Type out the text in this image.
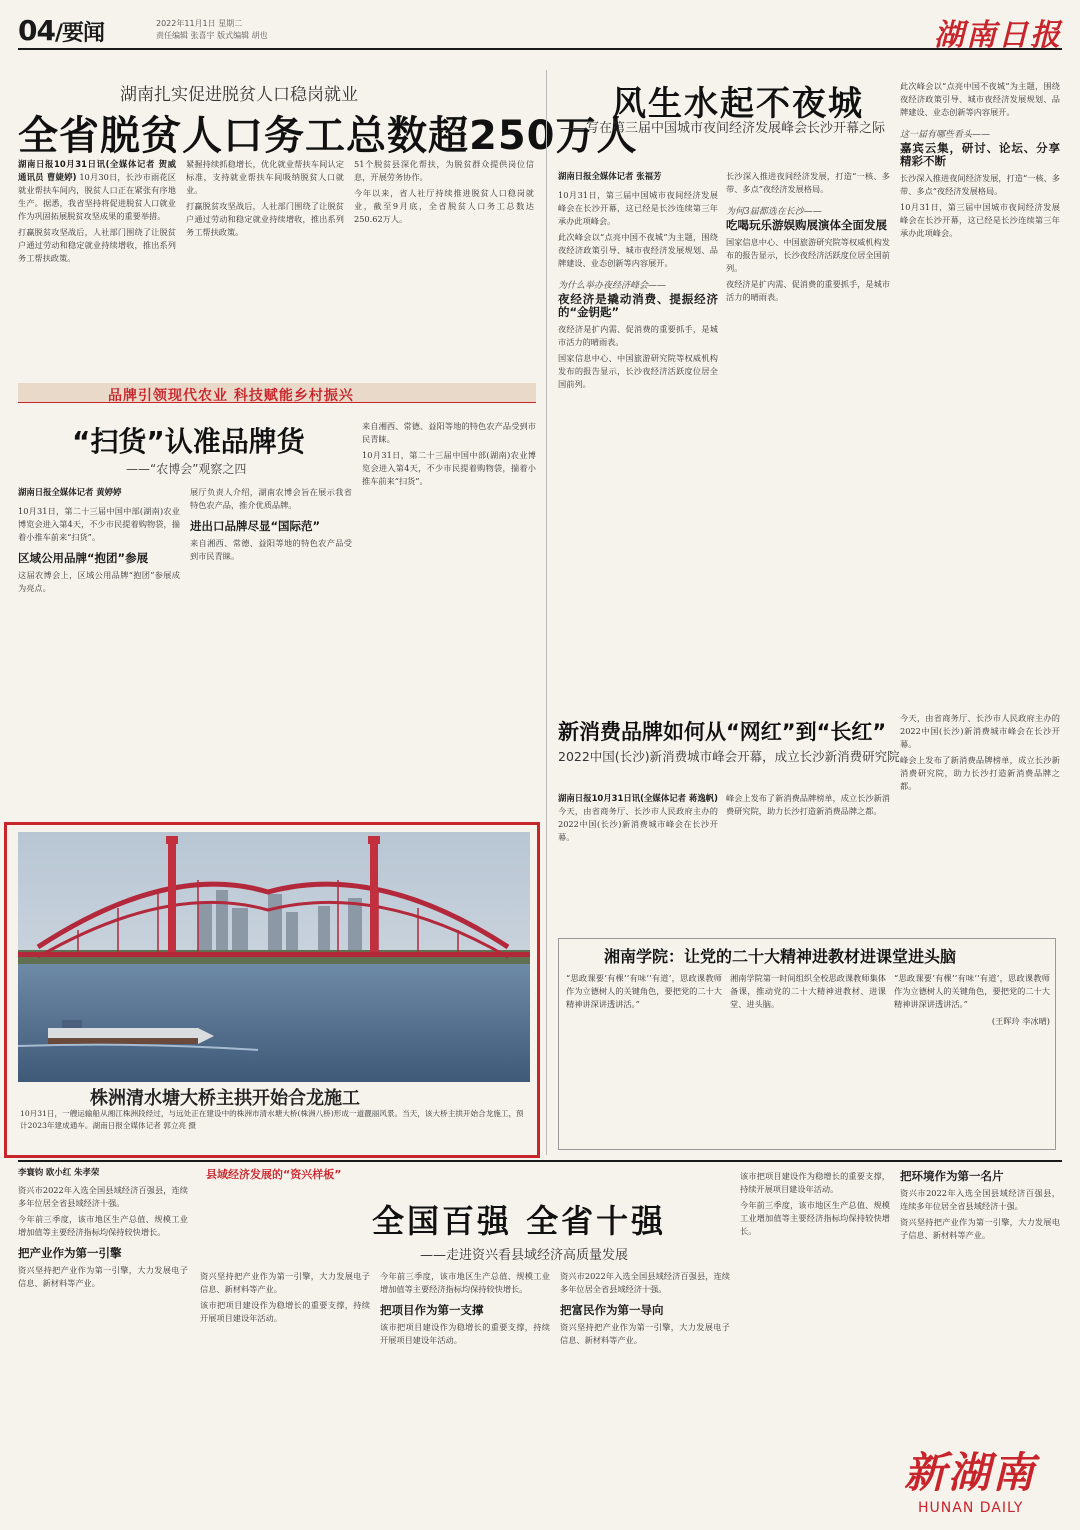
04/要闻	2022年11月1日 星期二
责任编辑 张喜宇 版式编辑 胡也	湖南日报
湖南扎实促进脱贫人口稳岗就业
全省脱贫人口务工总数超250万人
湖南日报10月31日讯(全媒体记者 贺威 通讯员 曹婕婷) 10月30日，长沙市雨花区就业帮扶车间内，脱贫人口正在紧张有序地生产。据悉，我省坚持将促进脱贫人口就业作为巩固拓展脱贫攻坚成果的重要举措。

打赢脱贫攻坚战后，人社部门围绕了让脱贫户通过劳动和稳定就业持续增收，推出系列务工帮扶政策。

紧握持续抓稳增长，优化就业帮扶车间认定标准，支持就业帮扶车间吸纳脱贫人口就业。

打赢脱贫攻坚战后，人社部门围绕了让脱贫户通过劳动和稳定就业持续增收，推出系列务工帮扶政策。

51个脱贫县深化帮扶，为脱贫群众提供岗位信息，开展劳务协作。

今年以来，省人社厅持续推进脱贫人口稳岗就业，截至9月底，全省脱贫人口务工总数达250.62万人。

风生水起不夜城
——写在第三届中国城市夜间经济发展峰会长沙开幕之际
湖南日报全媒体记者 张福芳

10月31日，第三届中国城市夜间经济发展峰会在长沙开幕，这已经是长沙连续第三年承办此项峰会。

此次峰会以“点亮中国不夜城”为主题，围绕夜经济政策引导、城市夜经济发展规划、品牌建设、业态创新等内容展开。

为什么举办夜经济峰会——
夜经济是撬动消费、提振经济的“金钥匙”

夜经济是扩内需、促消费的重要抓手，是城市活力的晴雨表。

国家信息中心、中国旅游研究院等权威机构发布的报告显示，长沙夜经济活跃度位居全国前列。

长沙深入推进夜间经济发展，打造“一核、多带、多点”夜经济发展格局。

为何3届都选在长沙——
吃喝玩乐游娱购展演体全面发展

国家信息中心、中国旅游研究院等权威机构发布的报告显示，长沙夜经济活跃度位居全国前列。

夜经济是扩内需、促消费的重要抓手，是城市活力的晴雨表。

此次峰会以“点亮中国不夜城”为主题，围绕夜经济政策引导、城市夜经济发展规划、品牌建设、业态创新等内容展开。

这一届有哪些看头——
嘉宾云集，研讨、论坛、分享精彩不断

长沙深入推进夜间经济发展，打造“一核、多带、多点”夜经济发展格局。

10月31日，第三届中国城市夜间经济发展峰会在长沙开幕，这已经是长沙连续第三年承办此项峰会。

品牌引领现代农业 科技赋能乡村振兴
“扫货”认准品牌货
——“农博会”观察之四
湖南日报全媒体记者 黄婷婷

10月31日，第二十三届中国中部(湖南)农业博览会进入第4天，不少市民提着购物袋，揣着小推车前来“扫货”。

区域公用品牌“抱团”参展

这届农博会上，区域公用品牌“抱团”参展成为亮点。

展厅负责人介绍，湖南农博会旨在展示我省特色农产品，推介优质品牌。

进出口品牌尽显“国际范”

来自湘西、常德、益阳等地的特色农产品受到市民青睐。

来自湘西、常德、益阳等地的特色农产品受到市民青睐。

10月31日，第二十三届中国中部(湖南)农业博览会进入第4天，不少市民提着购物袋，揣着小推车前来“扫货”。

株洲清水塘大桥主拱开始合龙施工
10月31日，一艘运输船从湘江株洲段经过，与远处正在建设中的株洲市清水塘大桥(株洲八桥)形成一道靓丽风景。当天，该大桥主拱开始合龙施工，预计2023年建成通车。湖南日报全媒体记者 郭立亮 摄
新消费品牌如何从“网红”到“长红”
2022中国(长沙)新消费城市峰会开幕，成立长沙新消费研究院
湖南日报10月31日讯(全媒体记者 蒋逸帆) 今天，由省商务厅、长沙市人民政府主办的2022中国(长沙)新消费城市峰会在长沙开幕。

峰会上发布了新消费品牌榜单，成立长沙新消费研究院，助力长沙打造新消费品牌之都。

今天，由省商务厅、长沙市人民政府主办的2022中国(长沙)新消费城市峰会在长沙开幕。

峰会上发布了新消费品牌榜单，成立长沙新消费研究院，助力长沙打造新消费品牌之都。

湘南学院：让党的二十大精神进教材进课堂进头脑

“思政课要‘有棵’‘有味’‘有道’，思政课教师作为立德树人的关键角色，要把党的二十大精神讲深讲透讲活。”

湘南学院第一时间组织全校思政课教师集体备课，推动党的二十大精神进教材、进课堂、进头脑。

“思政课要‘有棵’‘有味’‘有道’，思政课教师作为立德树人的关键角色，要把党的二十大精神讲深讲透讲活。”

(王晖玲 李冰晴)

李寰钧 欧小红 朱孝荣	县域经济发展的“资兴样板”
全国百强 全省十强
——走进资兴看县域经济高质量发展

资兴市2022年入选全国县域经济百强县，连续多年位居全省县域经济十强。

今年前三季度，该市地区生产总值、规模工业增加值等主要经济指标均保持较快增长。

把产业作为第一引擎

资兴坚持把产业作为第一引擎，大力发展电子信息、新材料等产业。

资兴坚持把产业作为第一引擎，大力发展电子信息、新材料等产业。

该市把项目建设作为稳增长的重要支撑，持续开展项目建设年活动。

今年前三季度，该市地区生产总值、规模工业增加值等主要经济指标均保持较快增长。

把项目作为第一支撑

该市把项目建设作为稳增长的重要支撑，持续开展项目建设年活动。

资兴市2022年入选全国县域经济百强县，连续多年位居全省县域经济十强。

把富民作为第一导向

资兴坚持把产业作为第一引擎，大力发展电子信息、新材料等产业。

该市把项目建设作为稳增长的重要支撑，持续开展项目建设年活动。

今年前三季度，该市地区生产总值、规模工业增加值等主要经济指标均保持较快增长。

把环境作为第一名片

资兴市2022年入选全国县域经济百强县，连续多年位居全省县域经济十强。

资兴坚持把产业作为第一引擎，大力发展电子信息、新材料等产业。

新湖南
HUNAN DAILY
